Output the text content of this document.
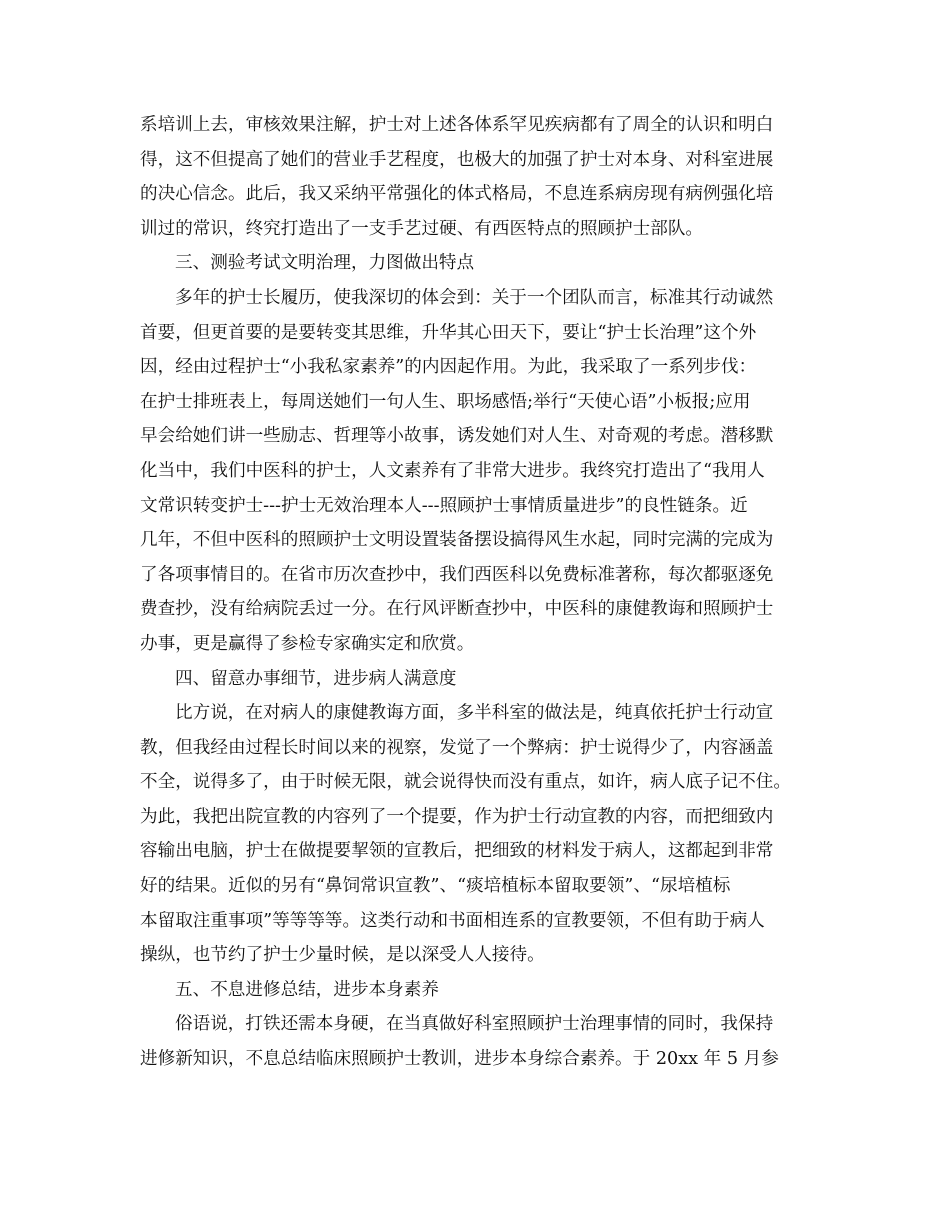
系培训上去，审核效果注解，护士对上述各体系罕见疾病都有了周全的认识和明白
得，这不但提高了她们的营业手艺程度，也极大的加强了护士对本身、对科室进展
的决心信念。此后，我又采纳平常强化的体式格局，不息连系病房现有病例强化培
训过的常识，终究打造出了一支手艺过硬、有西医特点的照顾护士部队。
三、测验考试文明治理，力图做出特点
多年的护士长履历，使我深切的体会到：关于一个团队而言，标准其行动诚然
首要，但更首要的是要转变其思维，升华其心田天下，要让“护士长治理”这个外
因，经由过程护士“小我私家素养”的内因起作用。为此，我采取了一系列步伐：
在护士排班表上，每周送她们一句人生、职场感悟;举行“天使心语”小板报;应用
早会给她们讲一些励志、哲理等小故事，诱发她们对人生、对奇观的考虑。潜移默
化当中，我们中医科的护士，人文素养有了非常大进步。我终究打造出了“我用人
文常识转变护士---护士无效治理本人---照顾护士事情质量进步”的良性链条。近
几年，不但中医科的照顾护士文明设置装备摆设搞得风生水起，同时完满的完成为
了各项事情目的。在省市历次查抄中，我们西医科以免费标准著称，每次都驱逐免
费查抄，没有给病院丢过一分。在行风评断查抄中，中医科的康健教诲和照顾护士
办事，更是赢得了参检专家确实定和欣赏。
四、留意办事细节，进步病人满意度
比方说，在对病人的康健教诲方面，多半科室的做法是，纯真依托护士行动宣
教，但我经由过程长时间以来的视察，发觉了一个弊病：护士说得少了，内容涵盖
不全，说得多了，由于时候无限，就会说得快而没有重点，如许，病人底子记不住。
为此，我把出院宣教的内容列了一个提要，作为护士行动宣教的内容，而把细致内
容输出电脑，护士在做提要挈领的宣教后，把细致的材料发于病人，这都起到非常
好的结果。近似的另有“鼻饲常识宣教”、“痰培植标本留取要领”、“尿培植标
本留取注重事项”等等等等。这类行动和书面相连系的宣教要领，不但有助于病人
操纵，也节约了护士少量时候，是以深受人人接待。
五、不息进修总结，进步本身素养
俗语说，打铁还需本身硬，在当真做好科室照顾护士治理事情的同时，我保持
进修新知识，不息总结临床照顾护士教训，进步本身综合素养。于 20xx 年 5 月参
